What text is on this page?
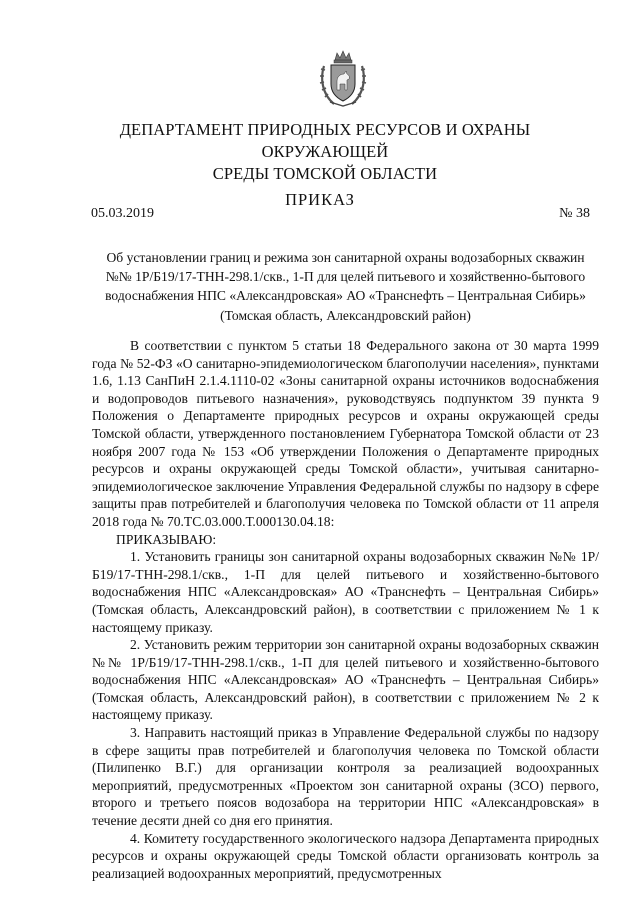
ДЕПАРТАМЕНТ ПРИРОДНЫХ РЕСУРСОВ И ОХРАНЫ ОКРУЖАЮЩЕЙ
СРЕДЫ ТОМСКОЙ ОБЛАСТИ
ПРИКАЗ
05.03.2019	№ 38
Об установлении границ и режима зон санитарной охраны водозаборных скважин
№№ 1Р/Б19/17-ТНН-298.1/скв., 1-П для целей питьевого и хозяйственно-бытового
водоснабжения НПС «Александровская» АО «Транснефть – Центральная Сибирь»
(Томская область, Александровский район)

В соответствии с пунктом 5 статьи 18 Федерального закона от 30 марта 1999 года № 52-ФЗ «О санитарно-эпидемиологическом благополучии населения», пунктами 1.6, 1.13 СанПиН 2.1.4.1110-02 «Зоны санитарной охраны источников водоснабжения и водопроводов питьевого назначения», руководствуясь подпунктом 39 пункта 9 Положения о Департаменте природных ресурсов и охраны окружающей среды Томской области, утвержденного постановлением Губернатора Томской области от 23 ноября 2007 года № 153 «Об утверждении Положения о Департаменте природных ресурсов и охраны окружающей среды Томской области», учитывая санитарно-эпидемиологическое заключение Управления Федеральной службы по надзору в сфере защиты прав потребителей и благополучия человека по Томской области от 11 апреля 2018 года № 70.ТС.03.000.Т.000130.04.18:

ПРИКАЗЫВАЮ:

1. Установить границы зон санитарной охраны водозаборных скважин №№ 1Р/Б19/17-ТНН-298.1/скв., 1-П для целей питьевого и хозяйственно-бытового водоснабжения НПС «Александровская» АО «Транснефть – Центральная Сибирь» (Томская область, Александровский район), в соответствии с приложением № 1 к настоящему приказу.

2. Установить режим территории зон санитарной охраны водозаборных скважин №№ 1Р/Б19/17-ТНН-298.1/скв., 1-П для целей питьевого и хозяйственно-бытового водоснабжения НПС «Александровская» АО «Транснефть – Центральная Сибирь» (Томская область, Александровский район), в соответствии с приложением № 2 к настоящему приказу.

3. Направить настоящий приказ в Управление Федеральной службы по надзору в сфере защиты прав потребителей и благополучия человека по Томской области (Пилипенко В.Г.) для организации контроля за реализацией водоохранных мероприятий, предусмотренных «Проектом зон санитарной охраны (ЗСО) первого, второго и третьего поясов водозабора на территории НПС «Александровская» в течение десяти дней со дня его принятия.

4. Комитету государственного экологического надзора Департамента природных ресурсов и охраны окружающей среды Томской области организовать контроль за реализацией водоохранных мероприятий, предусмотренных
